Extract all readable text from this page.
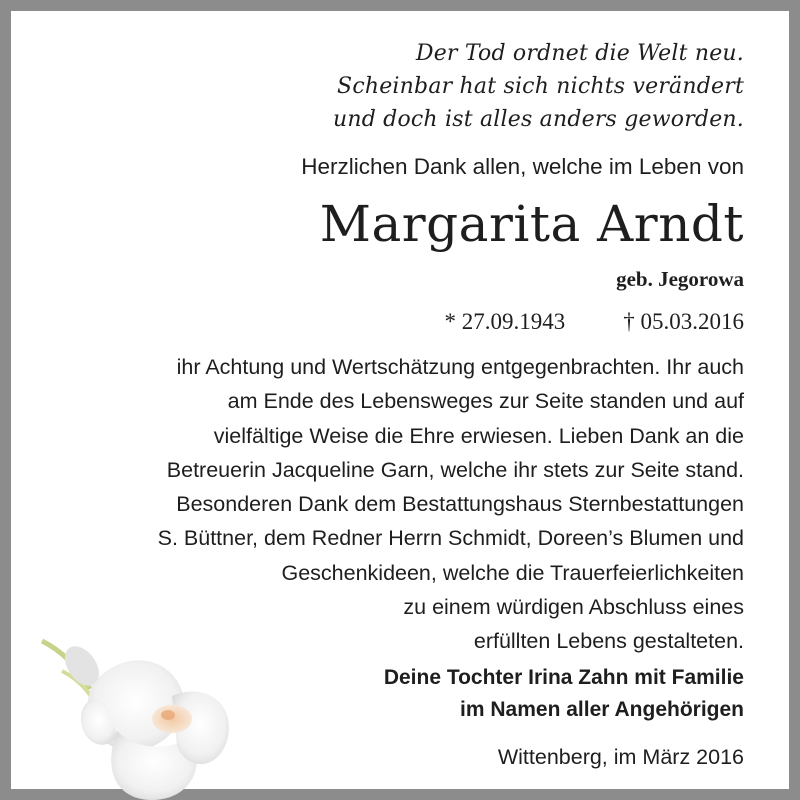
Der Tod ordnet die Welt neu.
Scheinbar hat sich nichts verändert
und doch ist alles anders geworden.
Herzlichen Dank allen, welche im Leben von
Margarita Arndt
geb. Jegorowa
* 27.09.1943	† 05.03.2016
ihr Achtung und Wertschätzung entgegenbrachten. Ihr auch
am Ende des Lebensweges zur Seite standen und auf
vielfältige Weise die Ehre erwiesen. Lieben Dank an die
Betreuerin Jacqueline Garn, welche ihr stets zur Seite stand.
Besonderen Dank dem Bestattungshaus Sternbestattungen
S. Büttner, dem Redner Herrn Schmidt, Doreen’s Blumen und
Geschenkideen, welche die Trauerfeierlichkeiten
zu einem würdigen Abschluss eines
erfüllten Lebens gestalteten.
Deine Tochter Irina Zahn mit Familie
im Namen aller Angehörigen
Wittenberg, im März 2016
